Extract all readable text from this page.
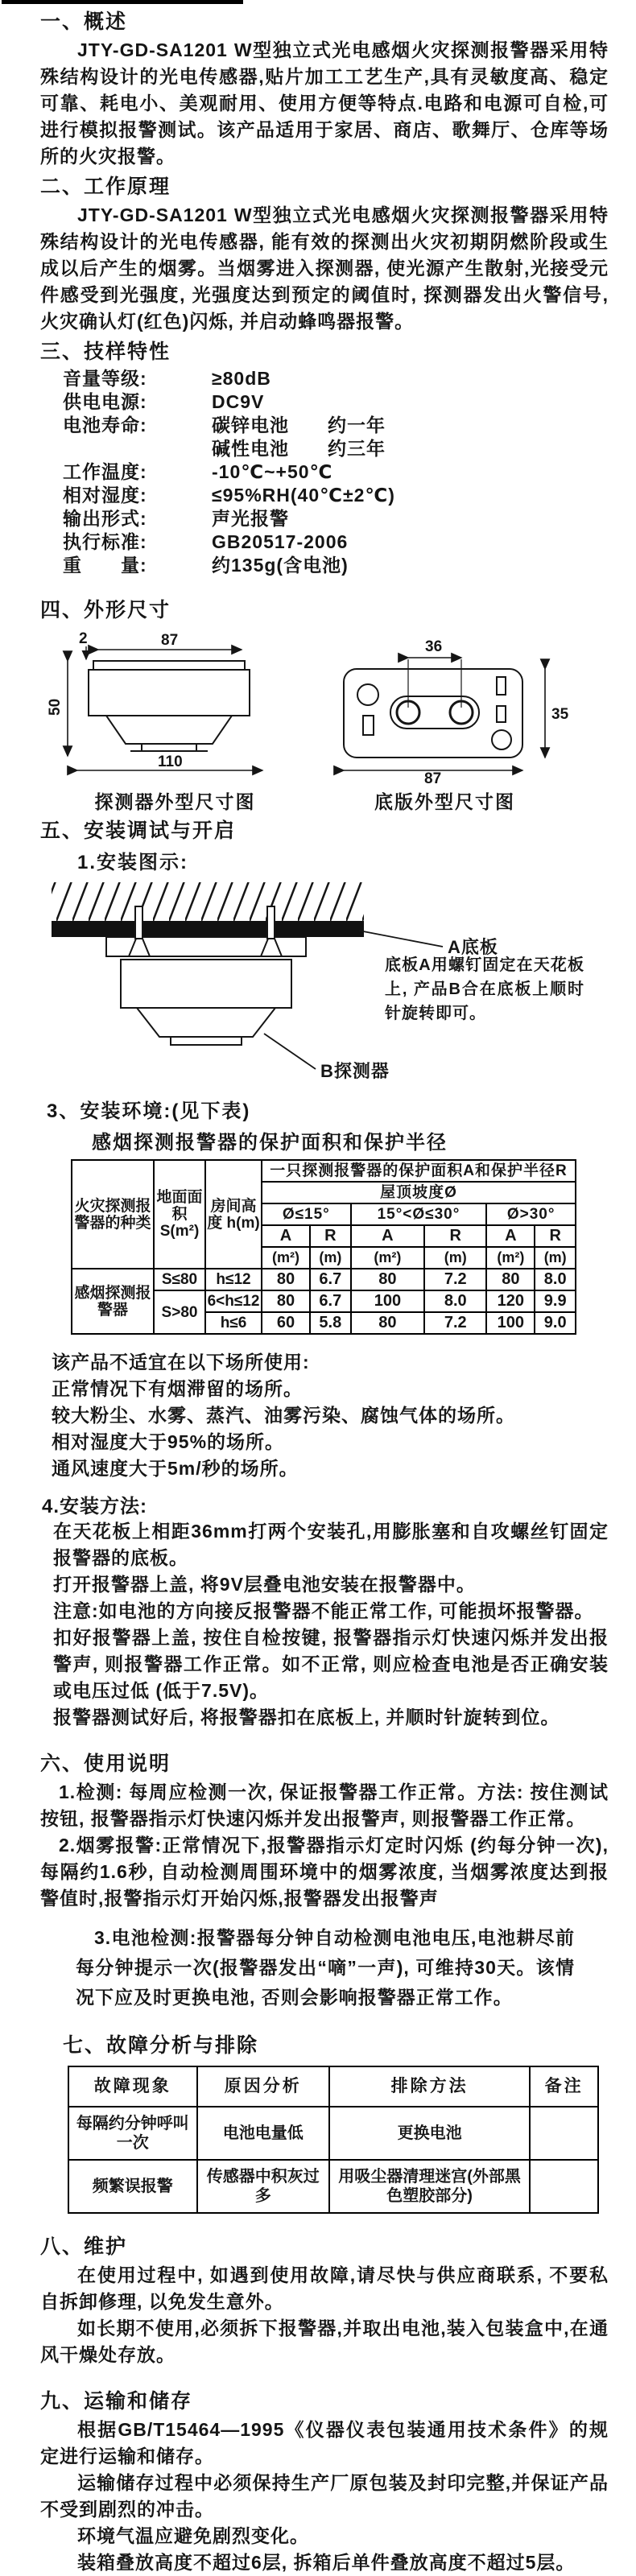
一、概述

JTY-GD-SA1201 W型独立式光电感烟火灾探测报警器采用特殊结构设计的光电传感器,贴片加工工艺生产,具有灵敏度高、稳定可靠、耗电小、美观耐用、使用方便等特点.电路和电源可自检,可进行模拟报警测试。该产品适用于家居、商店、歌舞厅、仓库等场所的火灾报警。

二、工作原理

JTY-GD-SA1201 W型独立式光电感烟火灾探测报警器采用特殊结构设计的光电传感器, 能有效的探测出火灾初期阴燃阶段或生成以后产生的烟雾。当烟雾进入探测器, 使光源产生散射,光接受元件感受到光强度, 光强度达到预定的阈值时, 探测器发出火警信号, 火灾确认灯(红色)闪烁, 并启动蜂鸣器报警。

三、技样特性
音量等级:	≥80dB
供电电源:	DC9V
电池寿命:	碳锌电池　　约一年
碱性电池　　约三年
工作温度:	-10℃~+50℃
相对湿度:	≤95%RH(40℃±2℃)
输出形式:	声光报警
执行标准:	GB20517-2006
重　　量:	约135g(含电池)
四、外形尺寸
87
2
50
110
探测器外型尺寸图
36
35
87
底版外型尺寸图
五、安装调试与开启

1.安装图示:

A底板
B探测器
底板A用螺钉固定在天花板上, 产品B合在底板上顺时针旋转即可。

3、安装环境:(见下表)

感烟探测报警器的保护面积和保护半径

火灾探测报警器的种类	地面面积 S(m²)	房间高度 h(m)	一只探测报警器的保护面积A和保护半径R					
			屋顶坡度Ø					
			Ø≤15°		15°<Ø≤30°		Ø>30°	
			A	R	A	R	A	R
			(m²)	(m)	(m²)	(m)	(m²)	(m)
感烟探测报警器	S≤80	h≤12	80	6.7	80	7.2	80	8.0
	S>80	6<h≤12	80	6.7	100	8.0	120	9.9
		h≤6	60	5.8	80	7.2	100	9.0

该产品不适宜在以下场所使用:

正常情况下有烟滞留的场所。

较大粉尘、水雾、蒸汽、油雾污染、腐蚀气体的场所。

相对湿度大于95%的场所。

通风速度大于5m/秒的场所。

4.安装方法:

在天花板上相距36mm打两个安装孔,用膨胀塞和自攻螺丝钉固定报警器的底板。

打开报警器上盖, 将9V层叠电池安装在报警器中。

注意:如电池的方向接反报警器不能正常工作, 可能损坏报警器。

扣好报警器上盖, 按住自检按键, 报警器指示灯快速闪烁并发出报警声, 则报警器工作正常。如不正常, 则应检查电池是否正确安装或电压过低 (低于7.5V)。

报警器测试好后, 将报警器扣在底板上, 并顺时针旋转到位。

六、使用说明

1.检测: 每周应检测一次, 保证报警器工作正常。方法: 按住测试按钮, 报警器指示灯快速闪烁并发出报警声, 则报警器工作正常。

2.烟雾报警:正常情况下,报警器指示灯定时闪烁 (约每分钟一次), 每隔约1.6秒, 自动检测周围环境中的烟雾浓度, 当烟雾浓度达到报警值时,报警指示灯开始闪烁,报警器发出报警声

3.电池检测:报警器每分钟自动检测电池电压,电池耕尽前每分钟提示一次(报警器发出“嘀”一声), 可维持30天。该情况下应及时更换电池, 否则会影响报警器正常工作。

七、故障分析与排除
故障现象	原因分析	排除方法	备注
每隔约分钟呼叫一次	电池电量低	更换电池	
频繁误报警	传感器中积灰过多	用吸尘器清理迷宫(外部黑色塑胶部分)	
八、维护

在使用过程中, 如遇到使用故障,请尽快与供应商联系, 不要私自拆卸修理, 以免发生意外。

如长期不使用,必须拆下报警器,并取出电池,装入包装盒中,在通风干燥处存放。

九、运输和储存

根据GB/T15464—1995《仪器仪表包装通用技术条件》的规定进行运输和储存。

运输储存过程中必须保持生产厂原包装及封印完整,并保证产品不受到剧烈的冲击。

环境气温应避免剧烈变化。

装箱叠放高度不超过6层, 拆箱后单件叠放高度不超过5层。
